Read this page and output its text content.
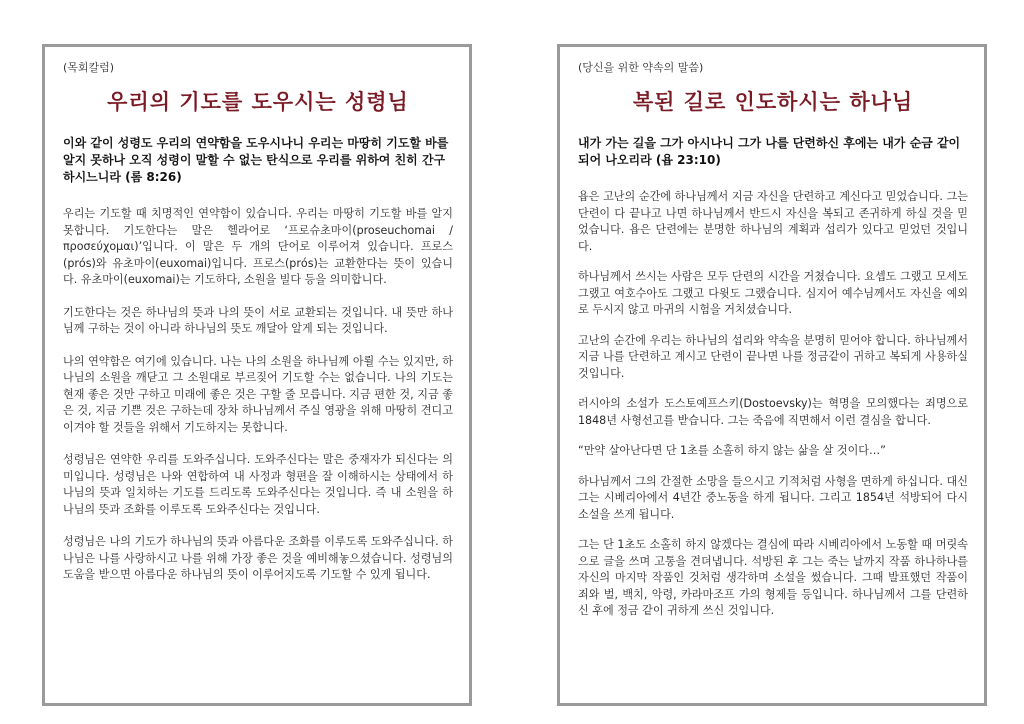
(목회칼럼)
우리의 기도를 도우시는 성령님
이와 같이 성령도 우리의 연약함을 도우시나니 우리는 마땅히 기도할 바를 알지 못하나 오직 성령이 말할 수 없는 탄식으로 우리를 위하여 친히 간구하시느니라 (롬 8:26)
우리는 기도할 때 치명적인 연약함이 있습니다. 우리는 마땅히 기도할 바를 알지 못합니다. 기도한다는 말은 헬라어로 ‘프로슈초마이(proseuchomai / προσεύχομαι)’입니다. 이 말은 두 개의 단어로 이루어져 있습니다. 프로스(prόs)와 유초마이(euxomai)입니다. 프로스(prόs)는 교환한다는 뜻이 있습니다. 유초마이(euxomai)는 기도하다, 소원을 빌다 등을 의미합니다.
기도한다는 것은 하나님의 뜻과 나의 뜻이 서로 교환되는 것입니다. 내 뜻만 하나님께 구하는 것이 아니라 하나님의 뜻도 깨달아 알게 되는 것입니다.
나의 연약함은 여기에 있습니다. 나는 나의 소원을 하나님께 아뢸 수는 있지만, 하나님의 소원을 깨닫고 그 소원대로 부르짖어 기도할 수는 없습니다. 나의 기도는 현재 좋은 것만 구하고 미래에 좋은 것은 구할 줄 모릅니다. 지금 편한 것, 지금 좋은 것, 지금 기쁜 것은 구하는데 장차 하나님께서 주실 영광을 위해 마땅히 견디고 이겨야 할 것들을 위해서 기도하지는 못합니다.
성령님은 연약한 우리를 도와주십니다. 도와주신다는 말은 중재자가 되신다는 의미입니다. 성령님은 나와 연합하여 내 사정과 형편을 잘 이해하시는 상태에서 하나님의 뜻과 일치하는 기도를 드리도록 도와주신다는 것입니다. 즉 내 소원을 하나님의 뜻과 조화를 이루도록 도와주신다는 것입니다.
성령님은 나의 기도가 하나님의 뜻과 아름다운 조화를 이루도록 도와주십니다. 하나님은 나를 사랑하시고 나를 위해 가장 좋은 것을 예비해놓으셨습니다. 성령님의 도움을 받으면 아름다운 하나님의 뜻이 이루어지도록 기도할 수 있게 됩니다.
(당신을 위한 약속의 말씀)
복된 길로 인도하시는 하나님
내가 가는 길을 그가 아시나니 그가 나를 단련하신 후에는 내가 순금 같이 되어 나오리라 (욥 23:10)
욥은 고난의 순간에 하나님께서 지금 자신을 단련하고 계신다고 믿었습니다. 그는 단련이 다 끝나고 나면 하나님께서 반드시 자신을 복되고 존귀하게 하실 것을 믿었습니다. 욥은 단련에는 분명한 하나님의 계획과 섭리가 있다고 믿었던 것입니다.
하나님께서 쓰시는 사람은 모두 단련의 시간을 거쳤습니다. 요셉도 그랬고 모세도 그랬고 여호수아도 그랬고 다윗도 그랬습니다. 심지어 예수님께서도 자신을 예외로 두시지 않고 마귀의 시험을 거치셨습니다.
고난의 순간에 우리는 하나님의 섭리와 약속을 분명히 믿어야 합니다. 하나님께서 지금 나를 단련하고 계시고 단련이 끝나면 나를 정금같이 귀하고 복되게 사용하실 것입니다.
러시아의 소설가 도스토예프스키(Dostoevsky)는 혁명을 모의했다는 죄명으로 1848년 사형선고를 받습니다. 그는 죽음에 직면해서 이런 결심을 합니다.
“만약 살아난다면 단 1초를 소홀히 하지 않는 삶을 살 것이다…”
하나님께서 그의 간절한 소망을 들으시고 기적처럼 사형을 면하게 하십니다. 대신 그는 시베리아에서 4년간 중노동을 하게 됩니다. 그리고 1854년 석방되어 다시 소설을 쓰게 됩니다.
그는 단 1초도 소홀히 하지 않겠다는 결심에 따라 시베리아에서 노동할 때 머릿속으로 글을 쓰며 고통을 견뎌냅니다. 석방된 후 그는 죽는 날까지 작품 하나하나를 자신의 마지막 작품인 것처럼 생각하며 소설을 썼습니다. 그때 발표했던 작품이 죄와 벌, 백치, 악령, 카라마조프 가의 형제들 등입니다. 하나님께서 그를 단련하신 후에 정금 같이 귀하게 쓰신 것입니다.
